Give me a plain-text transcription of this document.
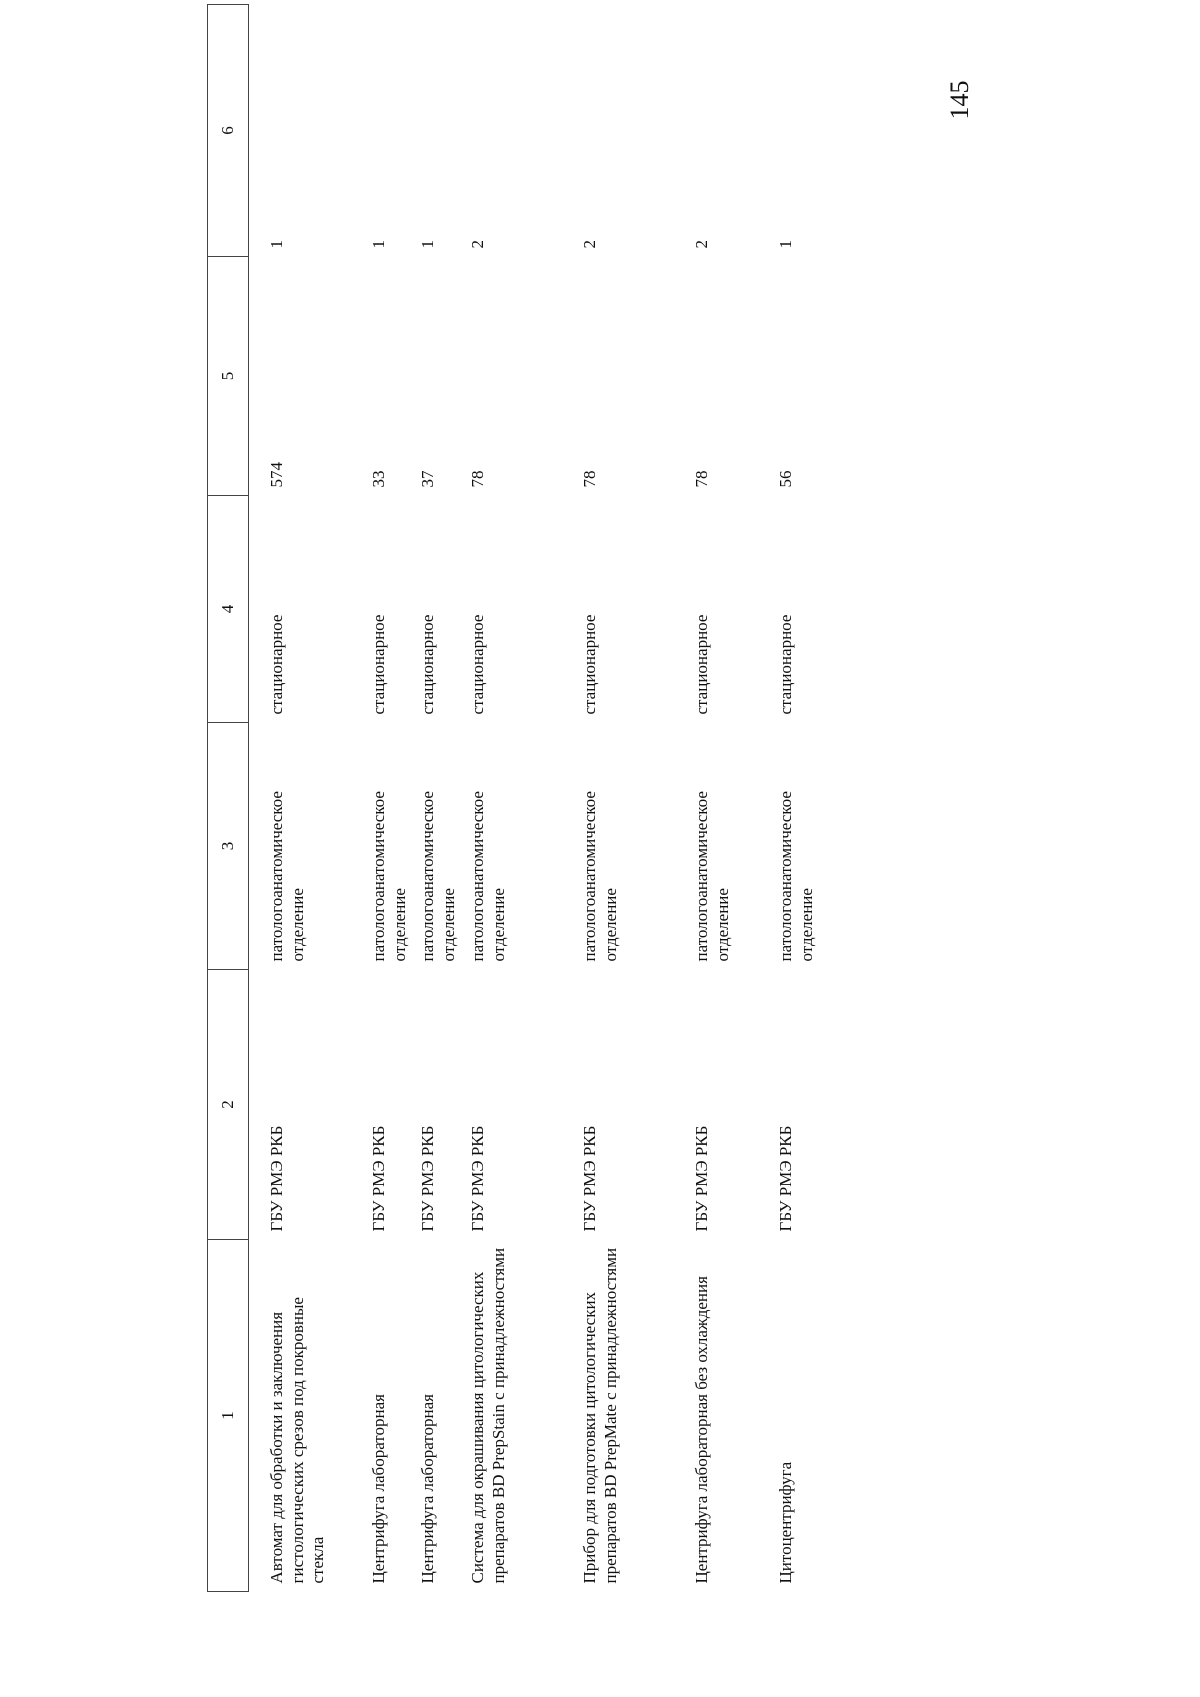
145
1	2	3	4	5	6
Автомат для обработки и заключения гистологических срезов под покровные стекла	ГБУ РМЭ РКБ	патологоанатомическое отделение	стационарное	574	1
Центрифуга лабораторная	ГБУ РМЭ РКБ	патологоанатомическое отделение	стационарное	33	1
Центрифуга лабораторная	ГБУ РМЭ РКБ	патологоанатомическое отделение	стационарное	37	1
Система для окрашивания цитологических препаратов BD PrepStain с принадлежностями	ГБУ РМЭ РКБ	патологоанатомическое отделение	стационарное	78	2
Прибор для подготовки цитологических препаратов BD PrepMate с принадлежностями	ГБУ РМЭ РКБ	патологоанатомическое отделение	стационарное	78	2
Центрифуга лабораторная без охлаждения	ГБУ РМЭ РКБ	патологоанатомическое отделение	стационарное	78	2
Цитоцентрифуга	ГБУ РМЭ РКБ	патологоанатомическое отделение	стационарное	56	1
